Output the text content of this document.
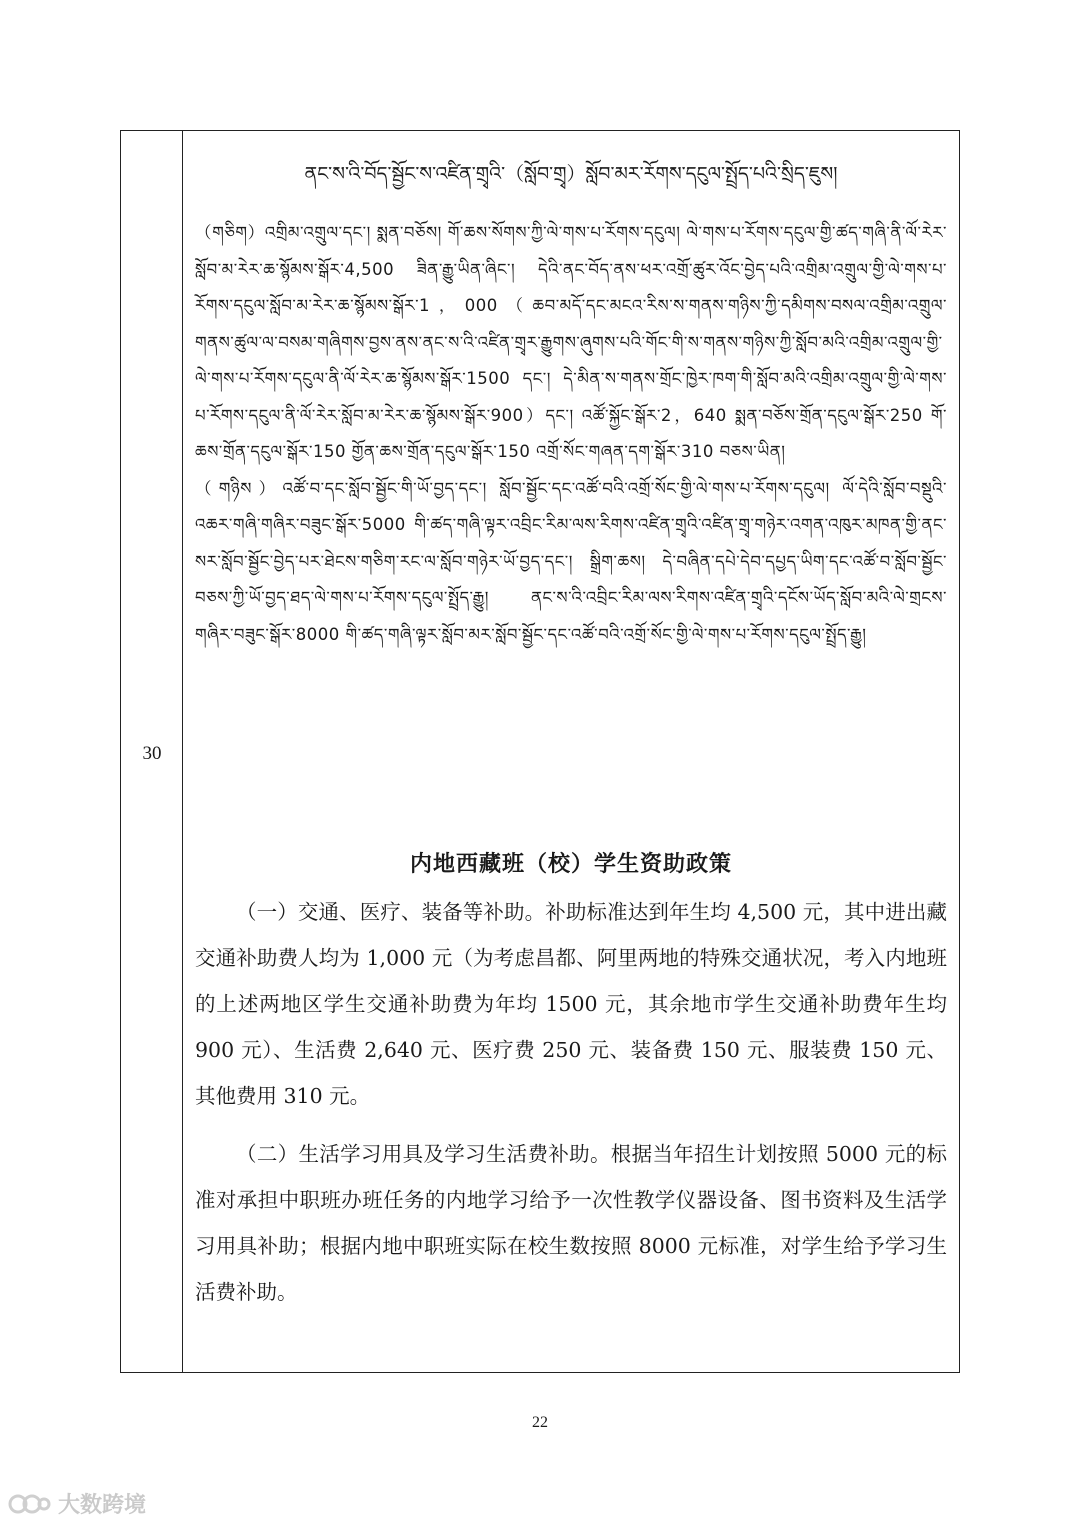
30
ནང་ས་འི་བོད་སྦྱོང་ས་འཛིན་གྲྭའི་（སློབ་གྲྭ）སློབ་མར་རོགས་དངུལ་སྤྲོད་པའི་སྲིད་ཇུས།
（གཅིག）འགྲིམ་འགྲུལ་དང་། སྨན་བཅོས། གོ་ཆས་སོགས་ཀྱི་ལེ་གས་པ་རོགས་དངུལ། ལེ་གས་པ་རོགས་དངུལ་གྱི་ཚད་གཞི་ནི་ལོ་རེར་སློབ་མ་རེར་ཆ་སྙོམས་སྒོར་4,500 ཟིན་རྒྱུ་ཡིན་ཞིང་། དེའི་ནང་བོད་ནས་ཕར་འགྲོ་ཚུར་འོང་བྱེད་པའི་འགྲིམ་འགྲུལ་གྱི་ལེ་གས་པ་རོགས་དངུལ་སློབ་མ་རེར་ཆ་སྙོམས་སྒོར་1，000（ཆབ་མདོ་དང་མངའ་རིས་ས་གནས་གཉིས་ཀྱི་དམིགས་བསལ་འགྲིམ་འགྲུལ་གནས་ཚུལ་ལ་བསམ་གཞིགས་བྱས་ནས་ནང་ས་འི་འཛིན་གྲྭར་རྒྱུགས་ཞུགས་པའི་གོང་གི་ས་གནས་གཉིས་ཀྱི་སློབ་མའི་འགྲིམ་འགྲུལ་གྱི་ལེ་གས་པ་རོགས་དངུལ་ནི་ལོ་རེར་ཆ་སྙོམས་སྒོར་1500 དང་། དེ་མིན་ས་གནས་གྲོང་ཁྱེར་ཁག་གི་སློབ་མའི་འགྲིམ་འགྲུལ་གྱི་ལེ་གས་པ་རོགས་དངུལ་ནི་ལོ་རེར་སློབ་མ་རེར་ཆ་སྙོམས་སྒོར་900）དང་། འཚོ་སྐྱོང་སྒོར་2，640 སྨན་བཅོས་གྲོན་དངུལ་སྒོར་250 གོ་ཆས་གྲོན་དངུལ་སྒོར་150 གྱོན་ཆས་གྲོན་དངུལ་སྒོར་150 འགྲོ་སོང་གཞན་དག་སྒོར་310 བཅས་ཡིན།
（གཉིས）འཚོ་བ་དང་སློབ་སྦྱོང་གི་ཡོ་བྱད་དང་། སློབ་སྦྱོང་དང་འཚོ་བའི་འགྲོ་སོང་གྱི་ལེ་གས་པ་རོགས་དངུལ། ལོ་དེའི་སློབ་བསྡུའི་འཆར་གཞི་གཞིར་བཟུང་སྒོར་5000 གི་ཚད་གཞི་ལྟར་འབྲིང་རིམ་ལས་རིགས་འཛིན་གྲྭའི་འཛིན་གྲྭ་གཉེར་འགན་འཁུར་མཁན་གྱི་ནང་སར་སློབ་སྦྱོང་བྱེད་པར་ཐེངས་གཅིག་རང་ལ་སློབ་གཉེར་ཡོ་བྱད་དང་། སྒྲིག་ཆས། དེ་བཞིན་དཔེ་དེབ་དཔྱད་ཡིག་དང་འཚོ་བ་སློབ་སྦྱོང་བཅས་ཀྱི་ཡོ་བྱད་ཐད་ལེ་གས་པ་རོགས་དངུལ་སྤྲོད་རྒྱུ། ནང་ས་འི་འབྲིང་རིམ་ལས་རིགས་འཛིན་གྲྭའི་དངོས་ཡོད་སློབ་མའི་ལེ་གྲངས་གཞིར་བཟུང་སྒོར་8000 གི་ཚད་གཞི་ལྟར་སློབ་མར་སློབ་སྦྱོང་དང་འཚོ་བའི་འགྲོ་སོང་གྱི་ལེ་གས་པ་རོགས་དངུལ་སྤྲོད་རྒྱུ།
内地西藏班（校）学生资助政策

（一）交通、医疗、装备等补助。补助标准达到年生均 4,500 元，其中进出藏交通补助费人均为 1,000 元（为考虑昌都、阿里两地的特殊交通状况，考入内地班的上述两地区学生交通补助费为年均 1500 元，其余地市学生交通补助费年生均 900 元）、生活费 2,640 元、医疗费 250 元、装备费 150 元、服装费 150 元、其他费用 310 元。

（二）生活学习用具及学习生活费补助。根据当年招生计划按照 5000 元的标准对承担中职班办班任务的内地学习给予一次性教学仪器设备、图书资料及生活学习用具补助；根据内地中职班实际在校生数按照 8000 元标准，对学生给予学习生活费补助。

22
大数跨境
